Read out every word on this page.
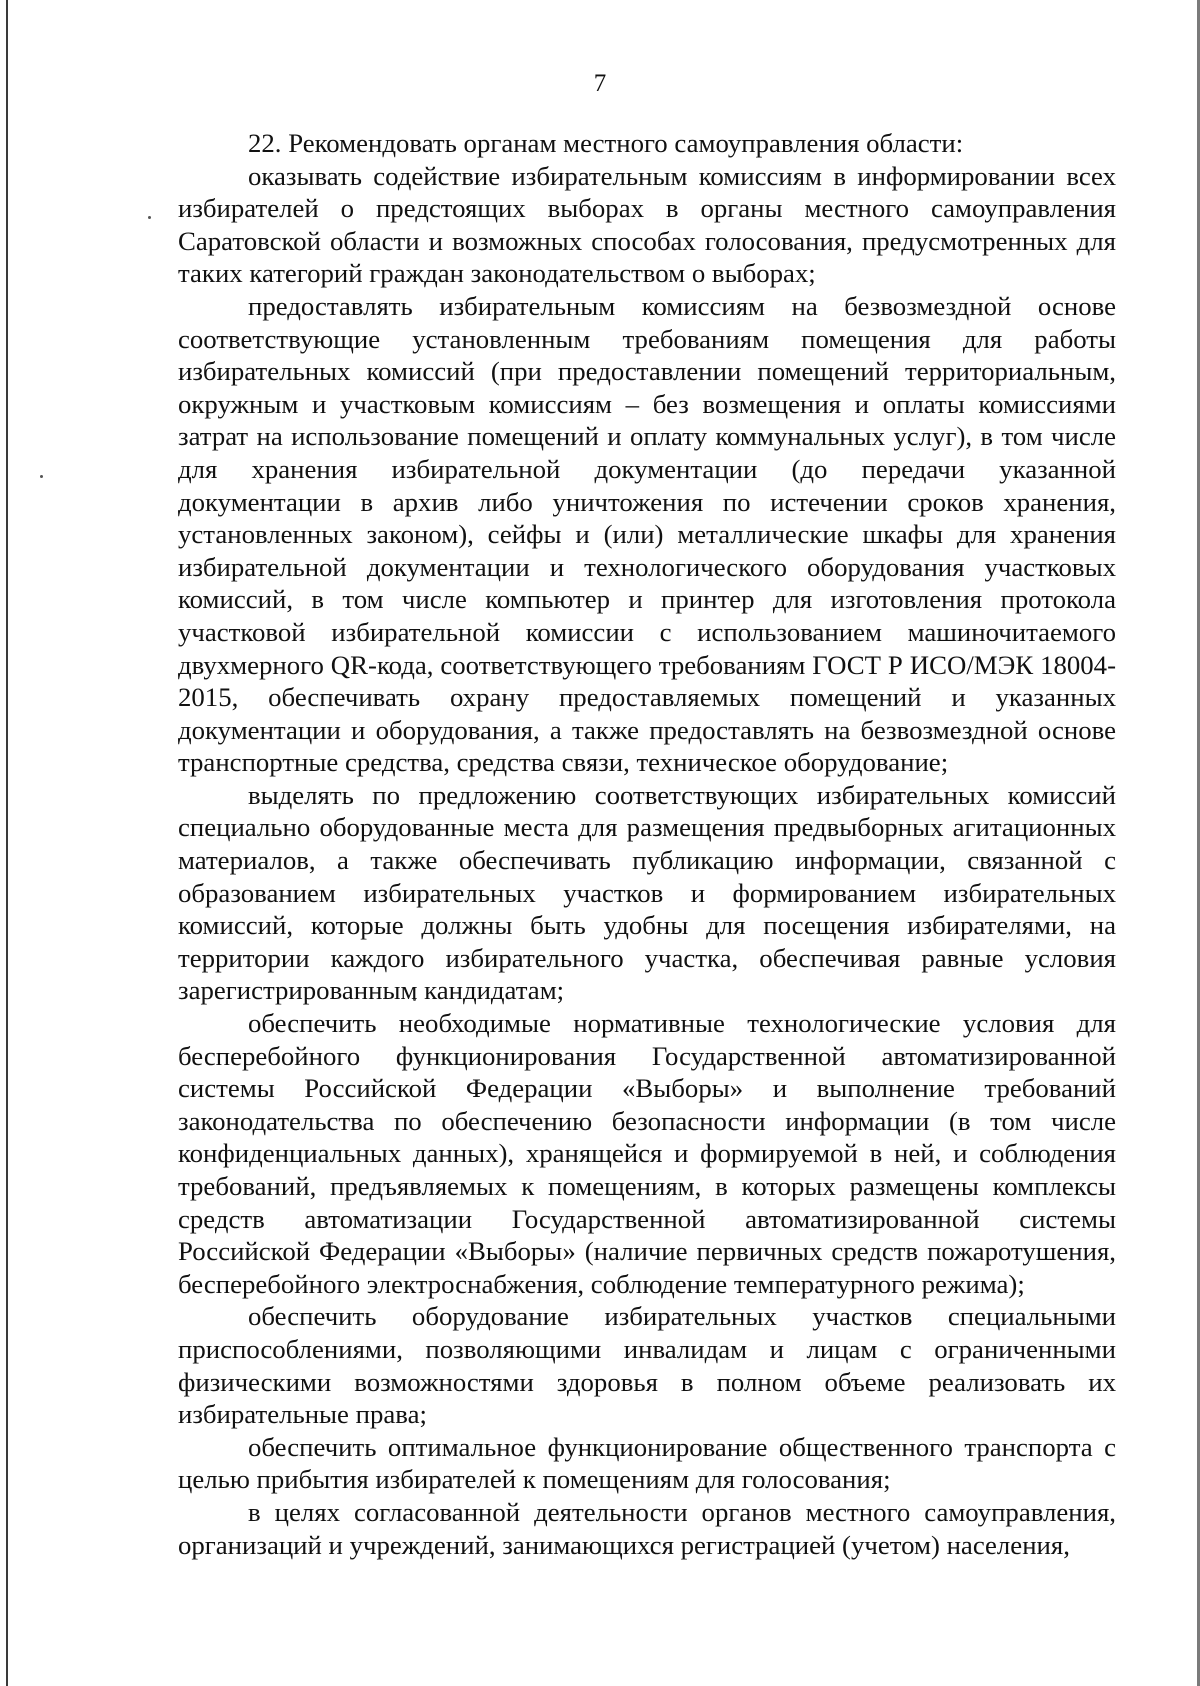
7

22. Рекомендовать органам местного самоуправления области:

оказывать содействие избирательным комиссиям в информировании всех избирателей о предстоящих выборах в органы местного самоуправления Саратовской области и возможных способах голосования, предусмотренных для таких категорий граждан законодательством о выборах;

предоставлять избирательным комиссиям на безвозмездной основе соответствующие установленным требованиям помещения для работы избирательных комиссий (при предоставлении помещений территориальным, окружным и участковым комиссиям – без возмещения и оплаты комиссиями затрат на использование помещений и оплату коммунальных услуг), в том числе для хранения избирательной документации (до передачи указанной документации в архив либо уничтожения по истечении сроков хранения, установленных законом), сейфы и (или) металлические шкафы для хранения избирательной документации и технологического оборудования участковых комиссий, в том числе компьютер и принтер для изготовления протокола участковой избирательной комиссии с использованием машиночитаемого двухмерного QR-кода, соответствующего требованиям ГОСТ Р ИСО/МЭК 18004-2015, обеспечивать охрану предоставляемых помещений и указанных документации и оборудования, а также предоставлять на безвозмездной основе транспортные средства, средства связи, техническое оборудование;

выделять по предложению соответствующих избирательных комиссий специально оборудованные места для размещения предвыборных агитационных материалов, а также обеспечивать публикацию информации, связанной с образованием избирательных участков и формированием избирательных комиссий, которые должны быть удобны для посещения избирателями, на территории каждого избирательного участка, обеспечивая равные условия зарегистрированным кандидатам;

обеспечить необходимые нормативные технологические условия для бесперебойного функционирования Государственной автоматизированной системы Российской Федерации «Выборы» и выполнение требований законодательства по обеспечению безопасности информации (в том числе конфиденциальных данных), хранящейся и формируемой в ней, и соблюдения требований, предъявляемых к помещениям, в которых размещены комплексы средств автоматизации Государственной автоматизированной системы Российской Федерации «Выборы» (наличие первичных средств пожаротушения, бесперебойного электроснабжения, соблюдение температурного режима);

обеспечить оборудование избирательных участков специальными приспособлениями, позволяющими инвалидам и лицам с ограниченными физическими возможностями здоровья в полном объеме реализовать их избирательные права;

обеспечить оптимальное функционирование общественного транспорта с целью прибытия избирателей к помещениям для голосования;

в целях согласованной деятельности органов местного самоуправления, организаций и учреждений, занимающихся регистрацией (учетом) населения,
